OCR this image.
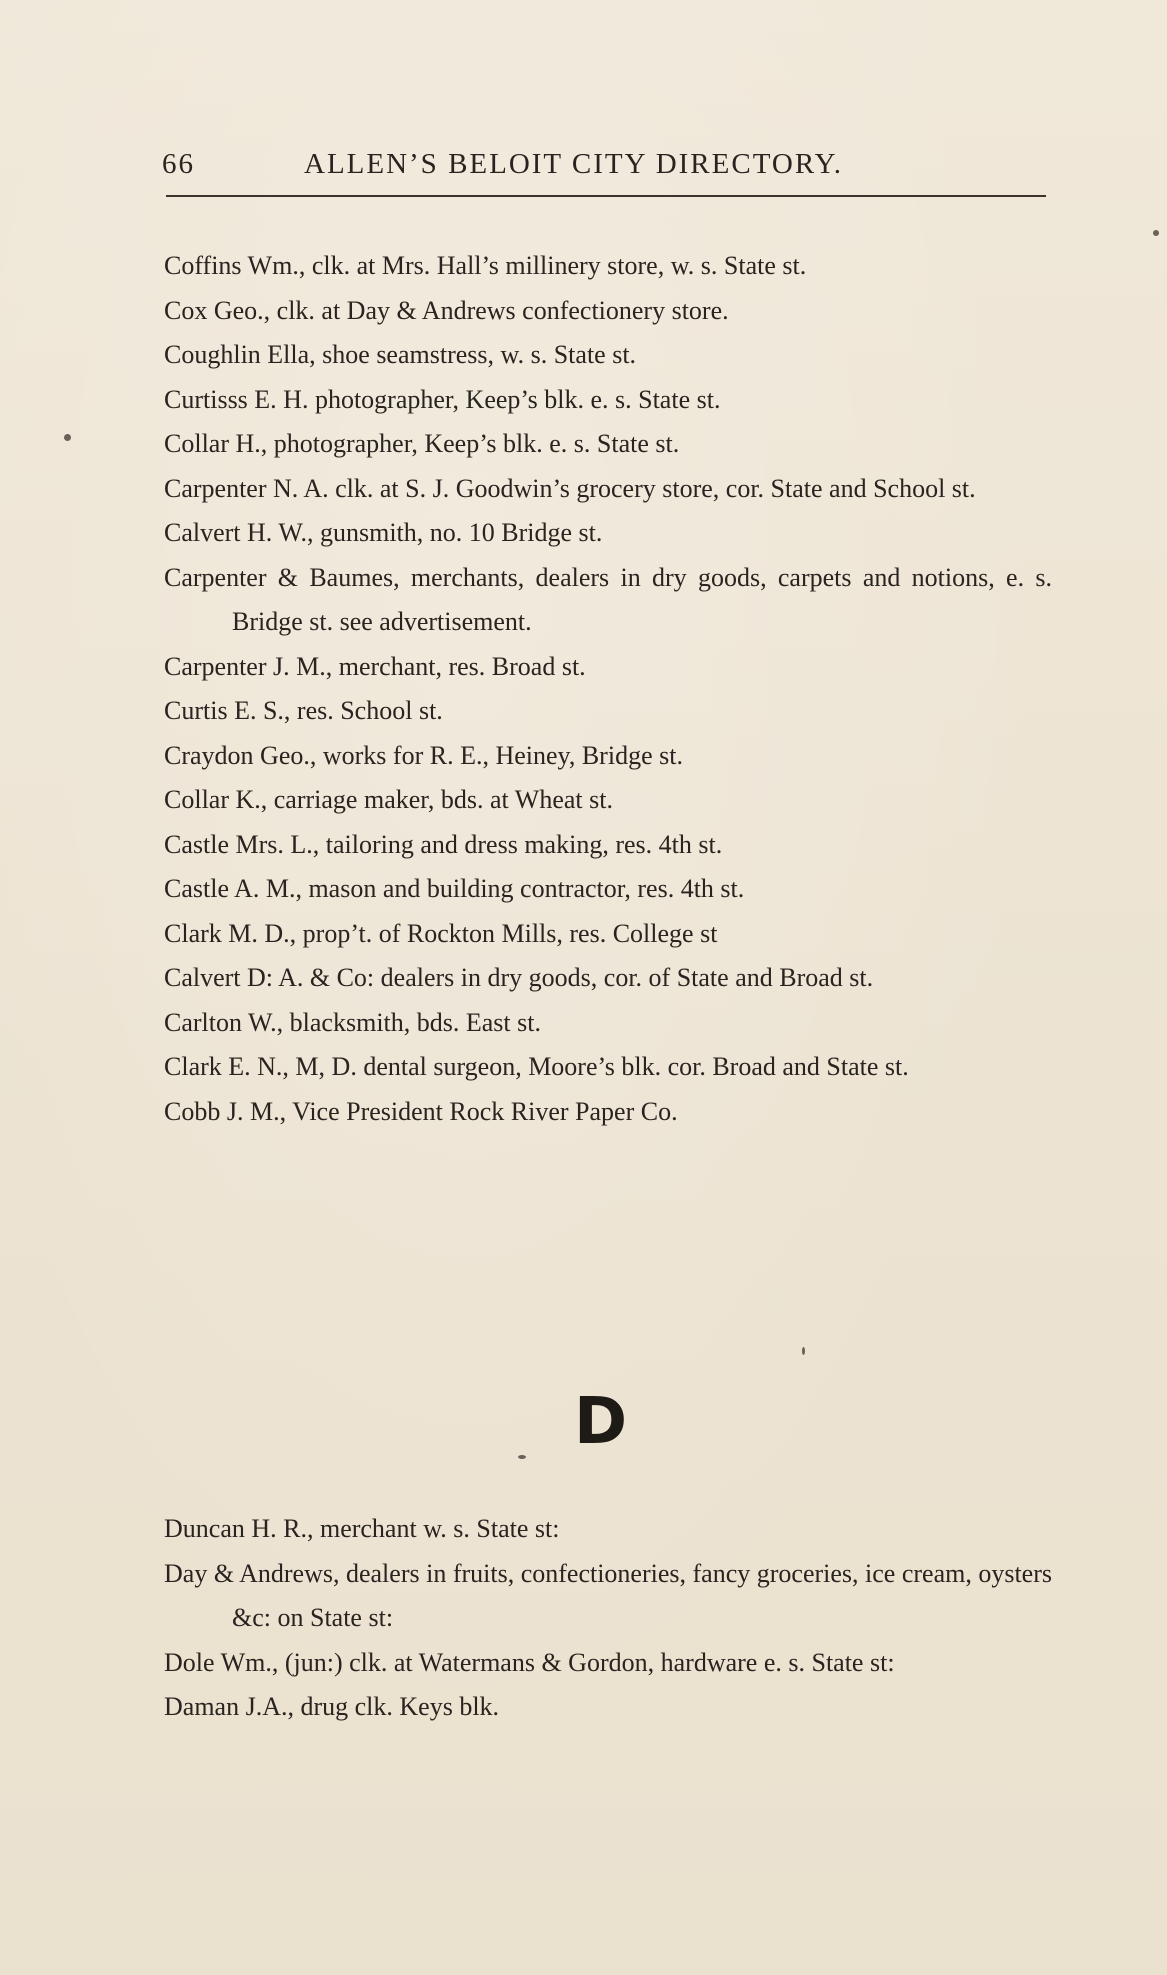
66	ALLEN’S BELOIT CITY DIRECTORY.
Coffins Wm., clk. at Mrs. Hall’s millinery store, w. s. State st.
Cox Geo., clk. at Day & Andrews confectionery store.
Coughlin Ella, shoe seamstress, w. s. State st.
Curtisss E. H. photographer, Keep’s blk. e. s. State st.
Collar H., photographer, Keep’s blk. e. s. State st.
Carpenter N. A. clk. at S. J. Goodwin’s grocery store, cor. State and School st.
Calvert H. W., gunsmith, no. 10 Bridge st.
Carpenter & Baumes, merchants, dealers in dry goods, carpets and notions, e. s. Bridge st. see advertisement.
Carpenter J. M., merchant, res. Broad st.
Curtis E. S., res. School st.
Craydon Geo., works for R. E., Heiney, Bridge st.
Collar K., carriage maker, bds. at Wheat st.
Castle Mrs. L., tailoring and dress making, res. 4th st.
Castle A. M., mason and building contractor, res. 4th st.
Clark M. D., prop’t. of Rockton Mills, res. College st
Calvert D: A. & Co: dealers in dry goods, cor. of State and Broad st.
Carlton W., blacksmith, bds. East st.
Clark E. N., M, D. dental surgeon, Moore’s blk. cor. Broad and State st.
Cobb J. M., Vice President Rock River Paper Co.
D
Duncan H. R., merchant w. s. State st:
Day & Andrews, dealers in fruits, confectioneries, fancy groceries, ice cream, oysters &c: on State st:
Dole Wm., (jun:) clk. at Watermans & Gordon, hardware e. s. State st:
Daman J.A., drug clk. Keys blk.
